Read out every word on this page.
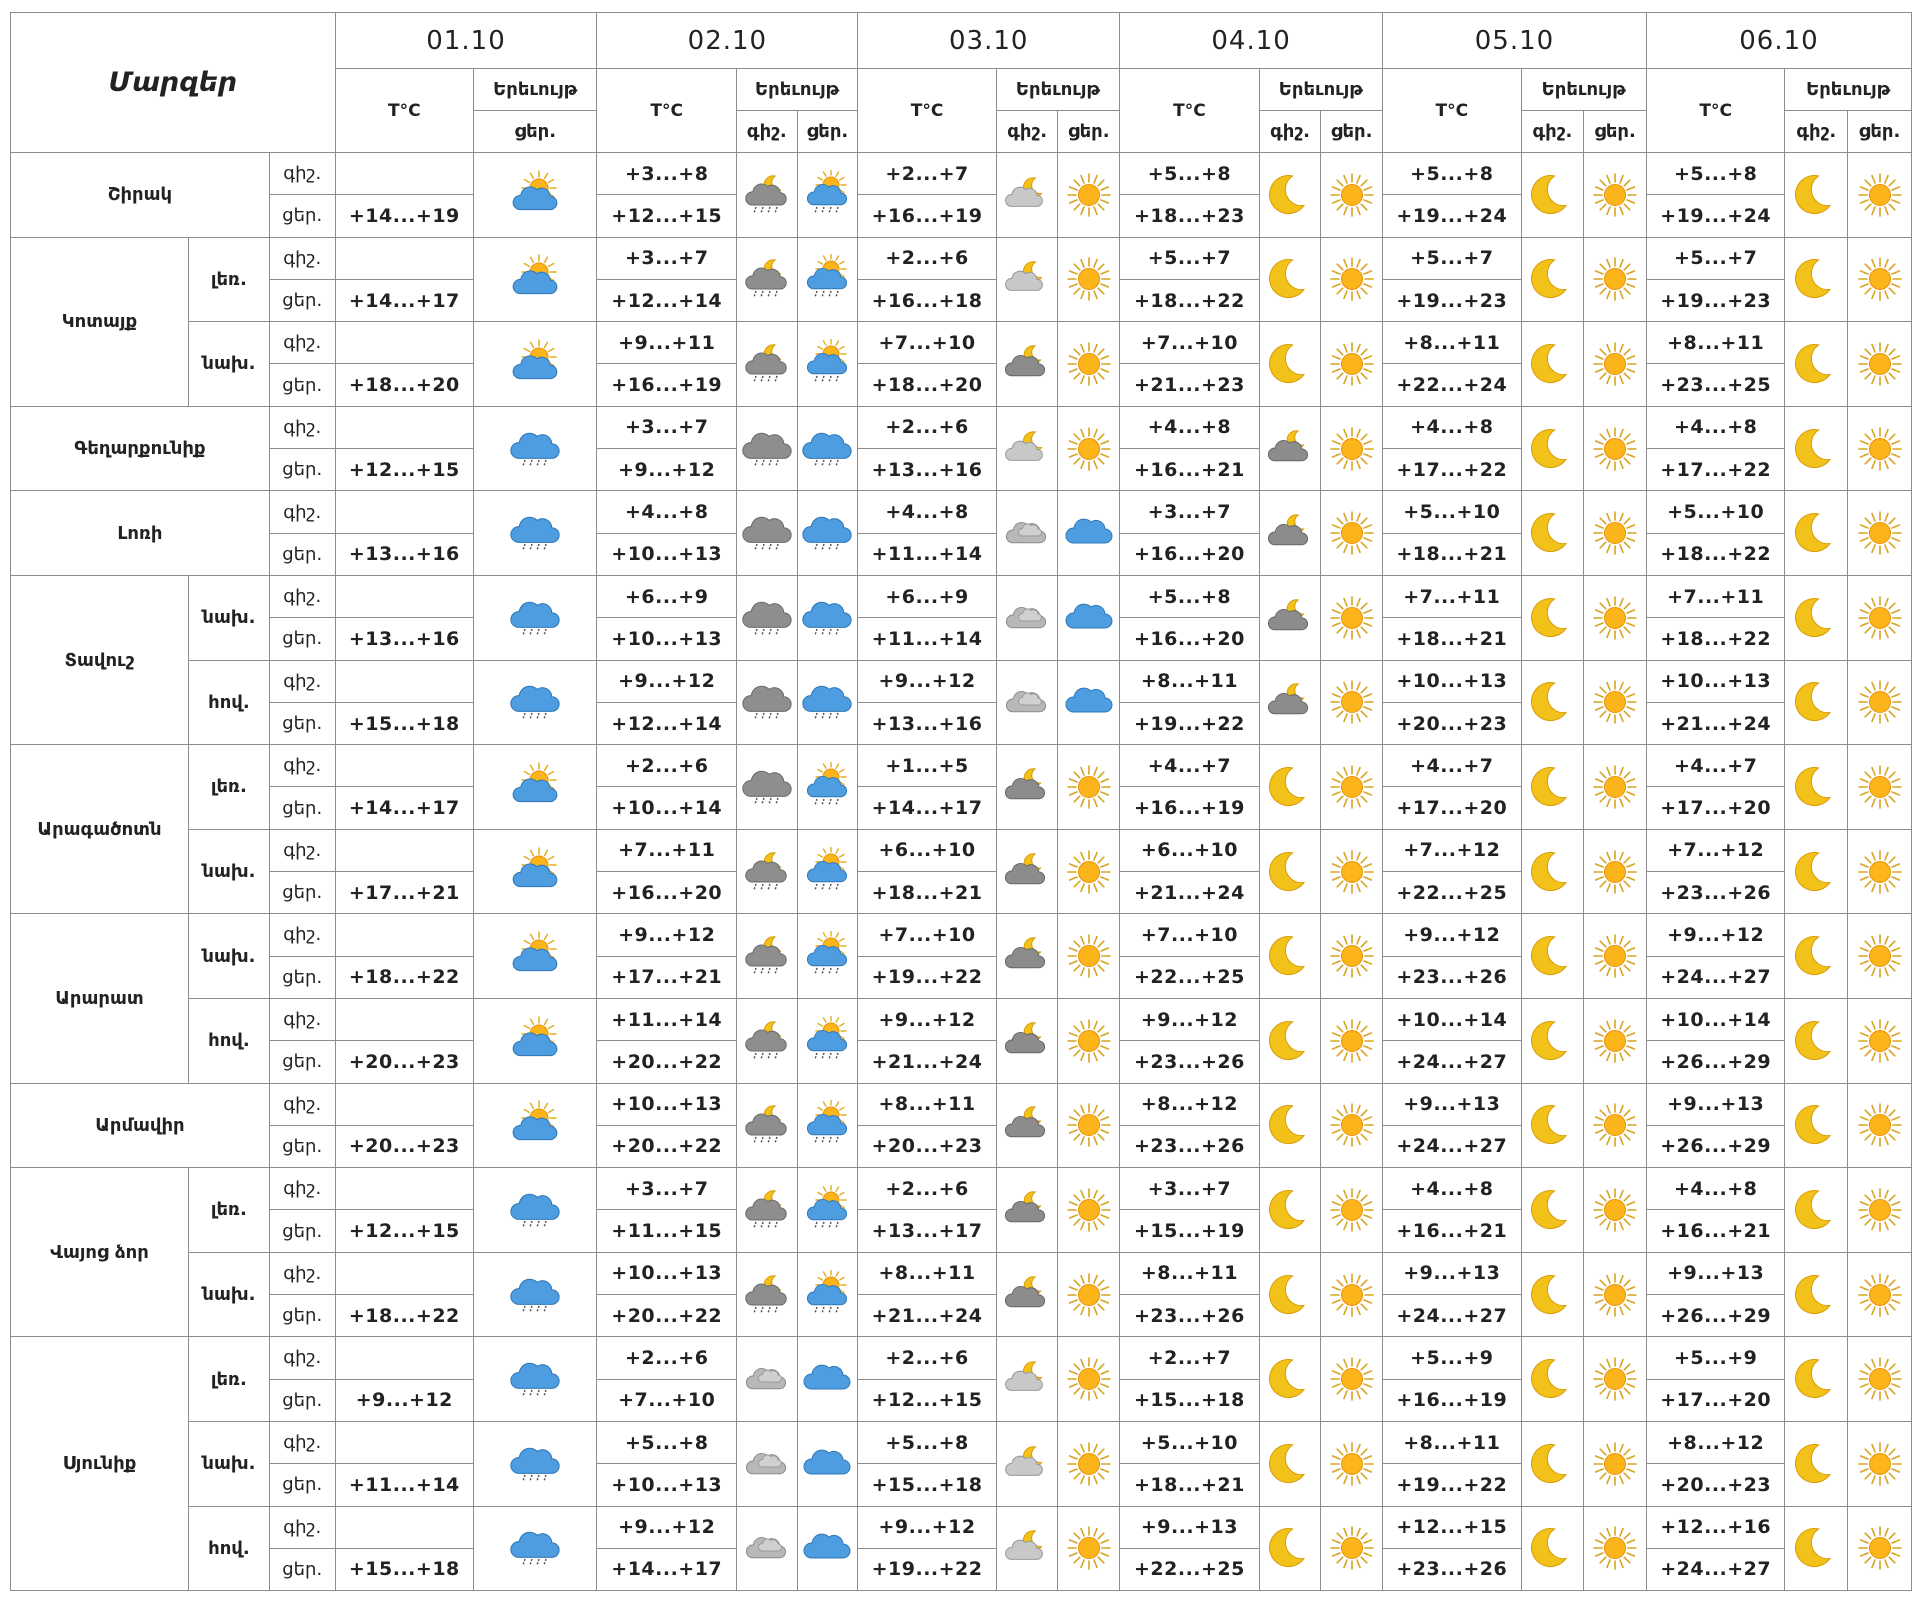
Մարզեր			01.10		02.10			03.10			04.10			05.10			06.10		
			T°C	Երեւույթ	T°C	Երեւույթ		T°C	Երեւույթ		T°C	Երեւույթ		T°C	Երեւույթ		T°C	Երեւույթ	
				ցեր.		գիշ.	ցեր.		գիշ.	ցեր.		գիշ.	ցեր.		գիշ.	ցեր.		գիշ.	ցեր.
Շիրակ		գիշ.			+3...+8			+2...+7			+5...+8			+5...+8			+5...+8	

		ցեր.	+14...+19		+12...+15			+16...+19			+18...+23			+19...+24			+19...+24		
Կոտայք	լեռ.	գիշ.			+3...+7			+2...+6			+5...+7			+5...+7			+5...+7	

		ցեր.	+14...+17		+12...+14			+16...+18			+18...+22			+19...+23			+19...+23		
	նախ.	գիշ.			+9...+11			+7...+10			+7...+10			+8...+11			+8...+11	

		ցեր.	+18...+20		+16...+19			+18...+20			+21...+23			+22...+24			+23...+25		
Գեղարքունիք		գիշ.			+3...+7			+2...+6			+4...+8			+4...+8			+4...+8	

		ցեր.	+12...+15		+9...+12			+13...+16			+16...+21			+17...+22			+17...+22		
Լոռի		գիշ.			+4...+8			+4...+8			+3...+7			+5...+10			+5...+10	

		ցեր.	+13...+16		+10...+13			+11...+14			+16...+20			+18...+21			+18...+22		
Տավուշ	նախ.	գիշ.			+6...+9			+6...+9			+5...+8			+7...+11			+7...+11	

		ցեր.	+13...+16		+10...+13			+11...+14			+16...+20			+18...+21			+18...+22		
	հով.	գիշ.			+9...+12			+9...+12			+8...+11			+10...+13			+10...+13	

		ցեր.	+15...+18		+12...+14			+13...+16			+19...+22			+20...+23			+21...+24		
Արագածոտն	լեռ.	գիշ.			+2...+6			+1...+5			+4...+7			+4...+7			+4...+7	

		ցեր.	+14...+17		+10...+14			+14...+17			+16...+19			+17...+20			+17...+20		
	նախ.	գիշ.			+7...+11			+6...+10			+6...+10			+7...+12			+7...+12	

		ցեր.	+17...+21		+16...+20			+18...+21			+21...+24			+22...+25			+23...+26		
Արարատ	նախ.	գիշ.			+9...+12			+7...+10			+7...+10			+9...+12			+9...+12	

		ցեր.	+18...+22		+17...+21			+19...+22			+22...+25			+23...+26			+24...+27		
	հով.	գիշ.			+11...+14			+9...+12			+9...+12			+10...+14			+10...+14	

		ցեր.	+20...+23		+20...+22			+21...+24			+23...+26			+24...+27			+26...+29		
Արմավիր		գիշ.			+10...+13			+8...+11			+8...+12			+9...+13			+9...+13	

		ցեր.	+20...+23		+20...+22			+20...+23			+23...+26			+24...+27			+26...+29		
Վայոց ձոր	լեռ.	գիշ.			+3...+7			+2...+6			+3...+7			+4...+8			+4...+8	

		ցեր.	+12...+15		+11...+15			+13...+17			+15...+19			+16...+21			+16...+21		
	նախ.	գիշ.			+10...+13			+8...+11			+8...+11			+9...+13			+9...+13	

		ցեր.	+18...+22		+20...+22			+21...+24			+23...+26			+24...+27			+26...+29		
Սյունիք	լեռ.	գիշ.			+2...+6			+2...+6			+2...+7			+5...+9			+5...+9	

		ցեր.	+9...+12		+7...+10			+12...+15			+15...+18			+16...+19			+17...+20		
	նախ.	գիշ.			+5...+8			+5...+8			+5...+10			+8...+11			+8...+12	

		ցեր.	+11...+14		+10...+13			+15...+18			+18...+21			+19...+22			+20...+23		
	հով.	գիշ.			+9...+12			+9...+12			+9...+13			+12...+15			+12...+16	

		ցեր.	+15...+18		+14...+17			+19...+22			+22...+25			+23...+26			+24...+27		
